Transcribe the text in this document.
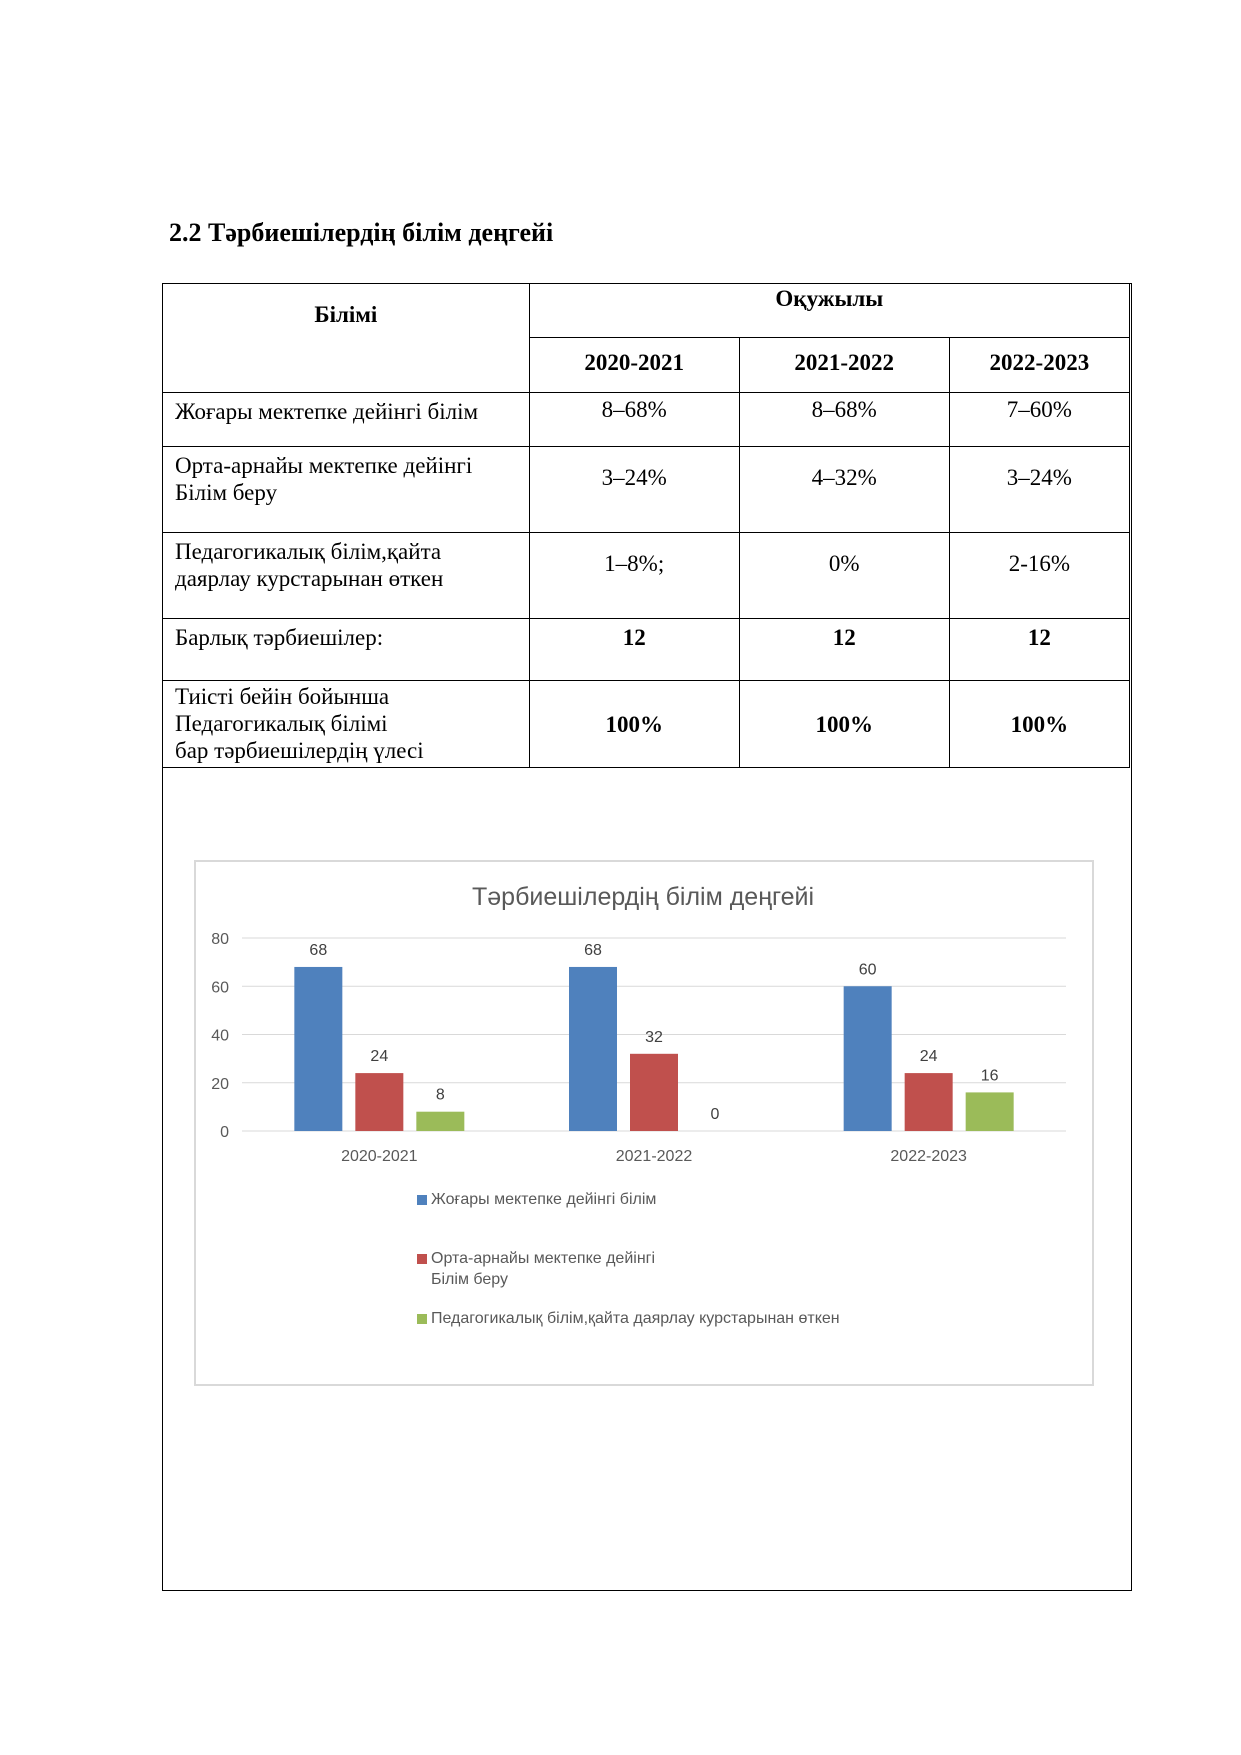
2.2 Тәрбиешілердің білім деңгейі
Білімі	Оқужылы		
	2020-2021	2021-2022	2022-2023
Жоғары мектепке дейінгі білім	8–68%	8–68%	7–60%
Орта-арнайы мектепке дейінгі
Білім беру	3–24%	4–32%	3–24%
Педагогикалық білім,қайта
даярлау курстарынан өткен	1–8%;	0%	2-16%
Барлық тәрбиешілер:	12	12	12
Тиісті бейін бойынша
Педагогикалық білімі
бар тәрбиешілердің үлесі	100%	100%	100%
Тәрбиешілердің білім деңгейі
0
20
40
60
80
2020-2021
68
24
8
2021-2022
68
32
0
2022-2023
60
24
16
Жоғары мектепке дейінгі білім
Орта-арнайы мектепке дейінгі
Білім беру
Педагогикалық білім,қайта даярлау курстарынан өткен
